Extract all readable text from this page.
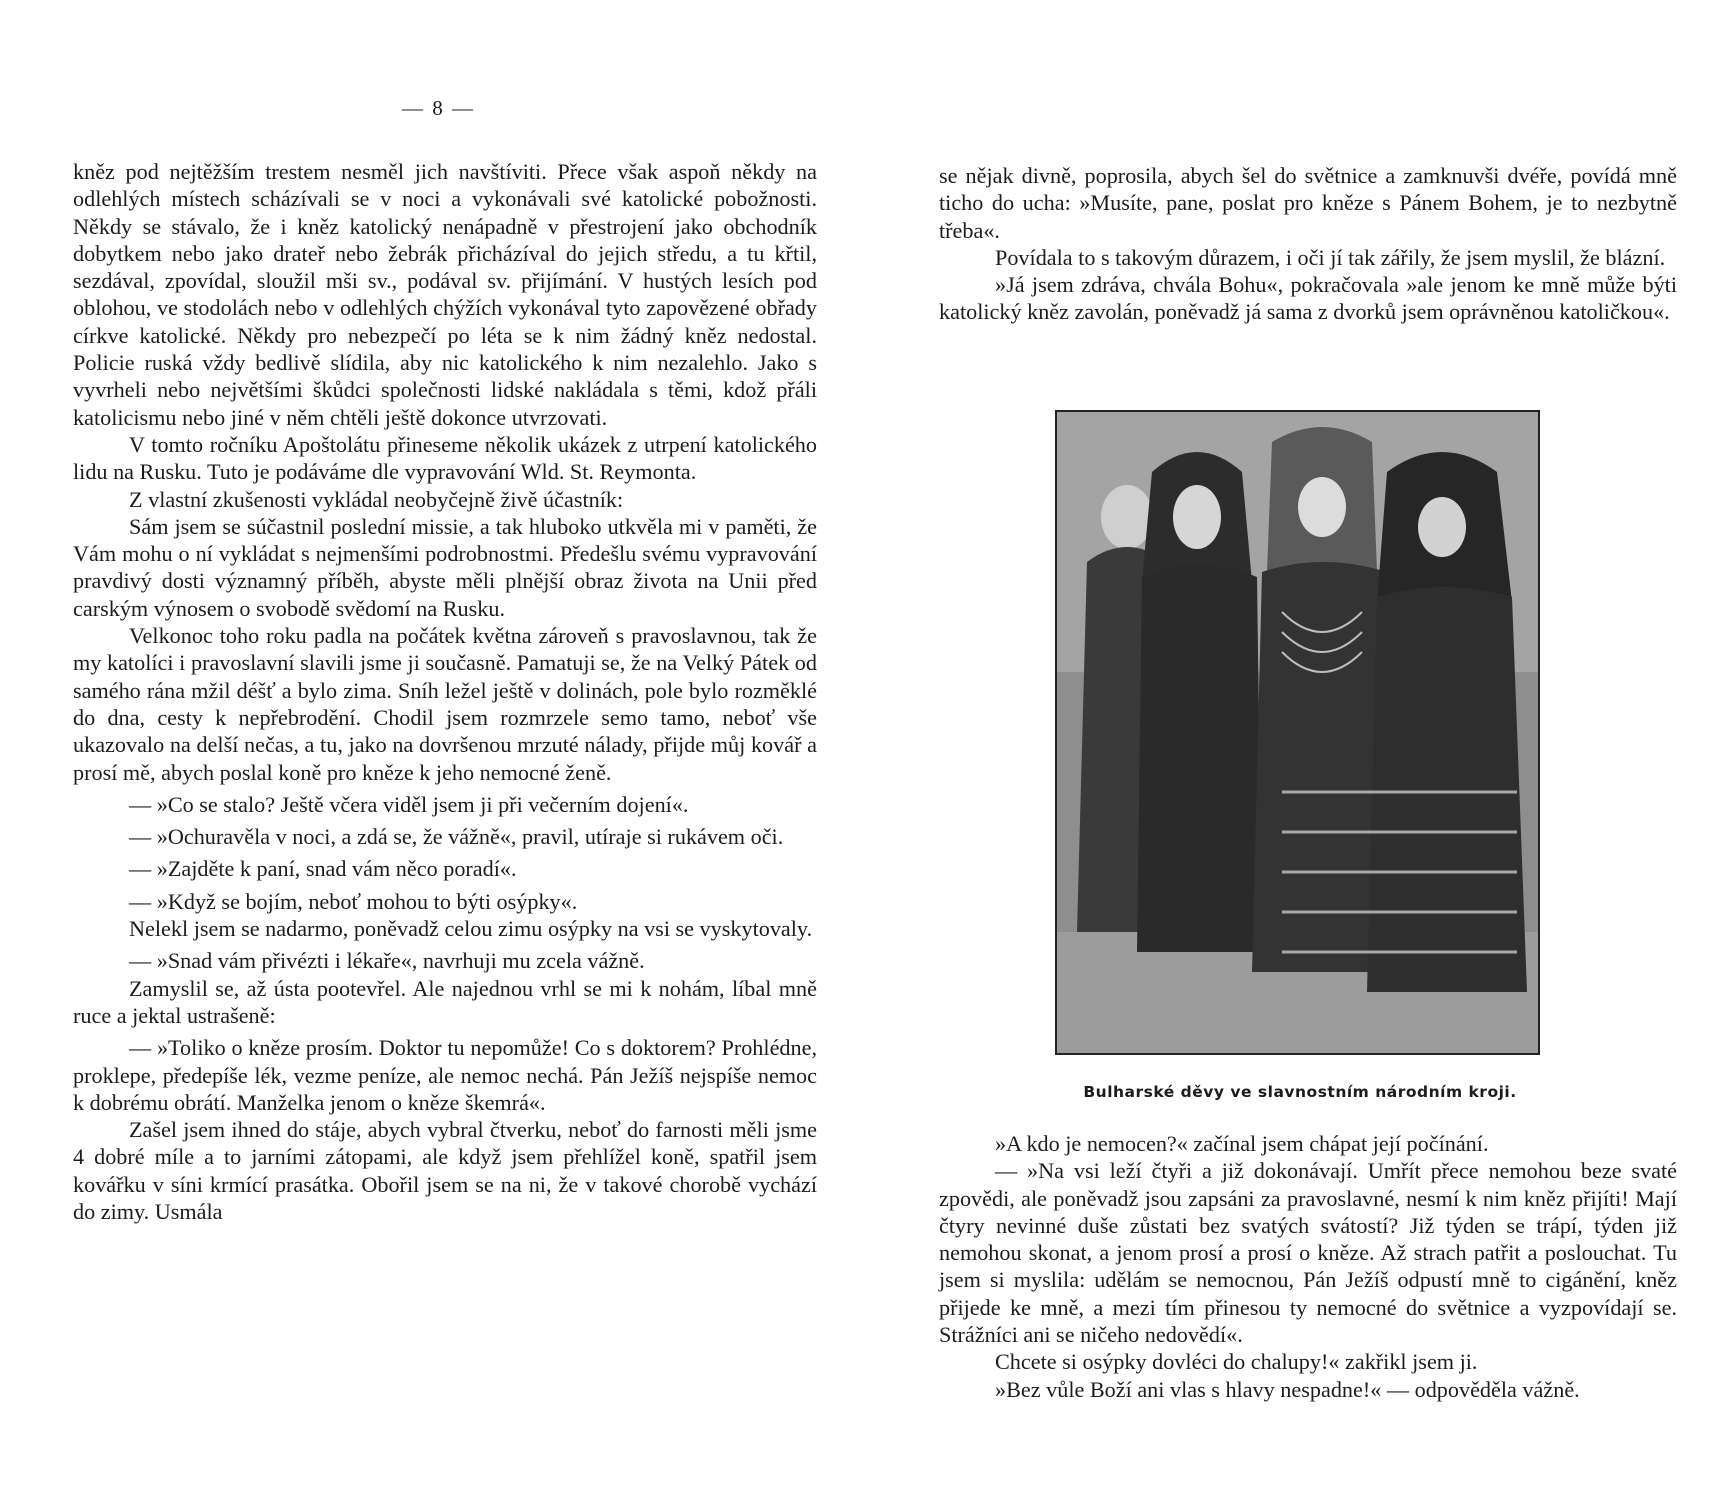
— 8 —

kněz pod nejtěžším trestem nesměl jich navštíviti. Přece však aspoň někdy na odlehlých místech scházívali se v noci a vykonávali své katolické pobožnosti. Někdy se stávalo, že i kněz katolický nenápadně v přestrojení jako obchodník dobytkem nebo jako drateř nebo žebrák přicházíval do jejich středu, a tu křtil, sezdával, zpovídal, sloužil mši sv., podával sv. přijímání. V hustých lesích pod oblohou, ve stodolách nebo v odlehlých chýžích vykonával tyto zapovězené obřady církve katolické. Někdy pro nebezpečí po léta se k nim žádný kněz nedostal. Policie ruská vždy bedlivě slídila, aby nic katolického k nim nezalehlo. Jako s vyvrheli nebo největšími škůdci společnosti lidské nakládala s těmi, kdož přáli katolicismu nebo jiné v něm chtěli ještě dokonce utvrzovati.

V tomto ročníku Apoštolátu přineseme několik ukázek z utrpení katolického lidu na Rusku. Tuto je podáváme dle vypravování Wld. St. Reymonta.

Z vlastní zkušenosti vykládal neobyčejně živě účastník:

Sám jsem se súčastnil poslední missie, a tak hluboko utkvěla mi v paměti, že Vám mohu o ní vykládat s nejmenšími podrobnostmi. Předešlu svému vypravování pravdivý dosti významný příběh, abyste měli plnější obraz života na Unii před carským výnosem o svobodě svědomí na Rusku.

Velkonoc toho roku padla na počátek května zároveň s pravoslavnou, tak že my katolíci i pravoslavní slavili jsme ji současně. Pamatuji se, že na Velký Pátek od samého rána mžil déšť a bylo zima. Sníh ležel ještě v dolinách, pole bylo rozměklé do dna, cesty k nepřebrodění. Chodil jsem rozmrzele semo tamo, neboť vše ukazovalo na delší nečas, a tu, jako na dovršenou mrzuté nálady, přijde můj kovář a prosí mě, abych poslal koně pro kněze k jeho nemocné ženě.

— »Co se stalo? Ještě včera viděl jsem ji při večerním dojení«.

— »Ochuravěla v noci, a zdá se, že vážně«, pravil, utíraje si rukávem oči.

— »Zajděte k paní, snad vám něco poradí«.

— »Když se bojím, neboť mohou to býti osýpky«.

Nelekl jsem se nadarmo, poněvadž celou zimu osýpky na vsi se vyskytovaly.

— »Snad vám přivézti i lékaře«, navrhuji mu zcela vážně.

Zamyslil se, až ústa pootevřel. Ale najednou vrhl se mi k nohám, líbal mně ruce a jektal ustrašeně:

— »Toliko o kněze prosím. Doktor tu nepomůže! Co s doktorem? Prohlédne, proklepe, předepíše lék, vezme peníze, ale nemoc nechá. Pán Ježíš nejspíše nemoc k dobrému obrátí. Manželka jenom o kněze škemrá«.

Zašel jsem ihned do stáje, abych vybral čtverku, neboť do farnosti měli jsme 4 dobré míle a to jarními zátopami, ale když jsem přehlížel koně, spatřil jsem kovářku v síni krmící prasátka. Obořil jsem se na ni, že v takové chorobě vychází do zimy. Usmála

se nějak divně, poprosila, abych šel do světnice a zamknuvši dvéře, povídá mně ticho do ucha: »Musíte, pane, poslat pro kněze s Pánem Bohem, je to nezbytně třeba«.

Povídala to s takovým důrazem, i oči jí tak zářily, že jsem myslil, že blázní.

»Já jsem zdráva, chvála Bohu«, pokračovala »ale jenom ke mně může býti katolický kněz zavolán, poněvadž já sama z dvorků jsem oprávněnou katoličkou«.

Bulharské děvy ve slavnostním národním kroji.

»A kdo je nemocen?« začínal jsem chápat její počínání.

— »Na vsi leží čtyři a již dokonávají. Umřít přece nemohou beze svaté zpovědi, ale poněvadž jsou zapsáni za pravoslavné, nesmí k nim kněz přijíti! Mají čtyry nevinné duše zůstati bez svatých svátostí? Již týden se trápí, týden již nemohou skonat, a jenom prosí a prosí o kněze. Až strach patřit a poslouchat. Tu jsem si myslila: udělám se nemocnou, Pán Ježíš odpustí mně to cigánění, kněz přijede ke mně, a mezi tím přinesou ty nemocné do světnice a vyzpovídají se. Strážníci ani se ničeho nedovědí«.

Chcete si osýpky dovléci do chalupy!« zakřikl jsem ji.

»Bez vůle Boží ani vlas s hlavy nespadne!« — odpověděla vážně.
